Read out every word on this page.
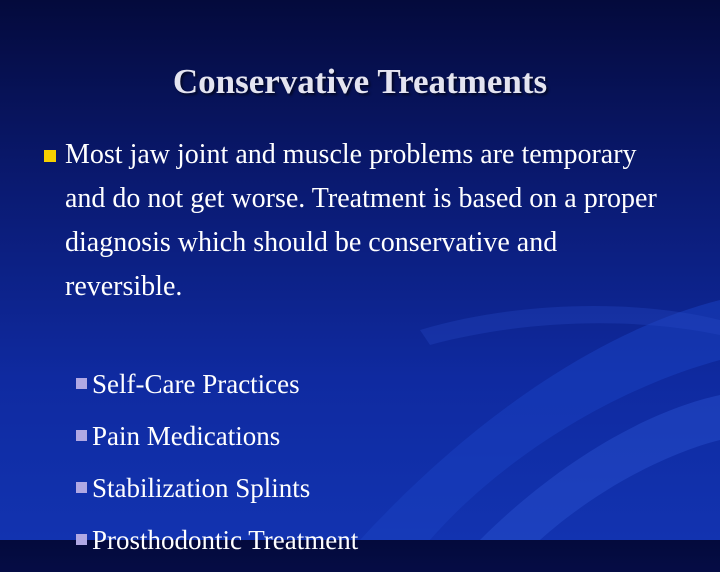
Conservative Treatments
Most jaw joint and muscle problems are temporary and do not get worse. Treatment is based on a proper diagnosis which should be conservative and reversible.
Self-Care Practices
Pain Medications
Stabilization Splints
Prosthodontic Treatment
